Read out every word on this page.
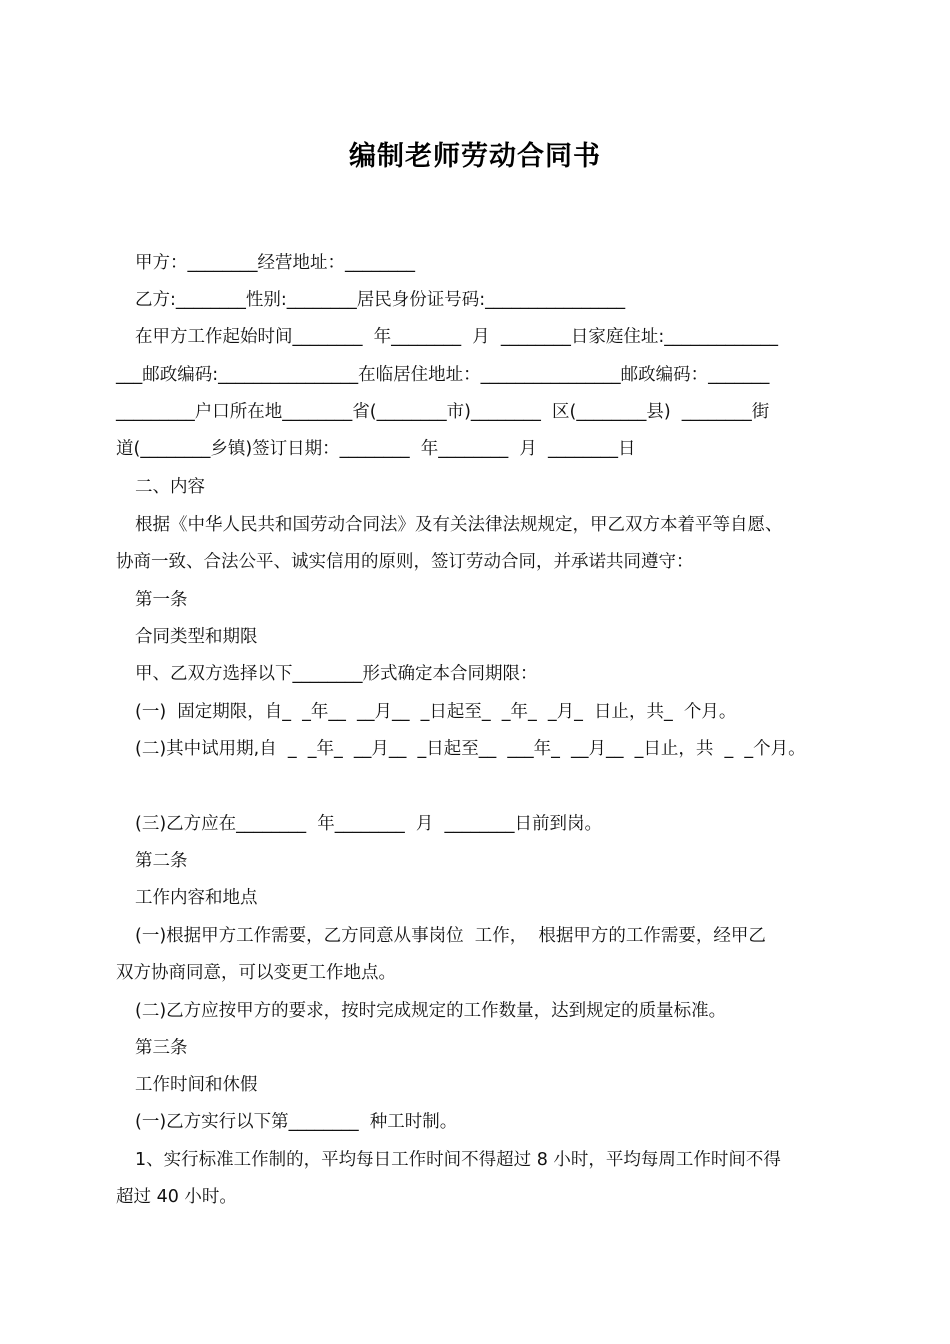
编制老师劳动合同书
甲方：________经营地址：________
乙方:________性别:________居民身份证号码:________________
在甲方工作起始时间________  年________  月  ________日家庭住址:_____________
___邮政编码:________________在临居住地址：________________邮政编码：_______
_________户口所在地________省(________市)________  区(________县)  ________街
道(________乡镇)签订日期：________  年________  月  ________日
二、内容
根据《中华人民共和国劳动合同法》及有关法律法规规定，甲乙双方本着平等自愿、
协商一致、合法公平、诚实信用的原则，签订劳动合同，并承诺共同遵守：
第一条
合同类型和期限
甲、乙双方选择以下________形式确定本合同期限：
(一)  固定期限，自_  _年__  __月__  _日起至_  _年_  _月_  日止，共_  个月。
(二)其中试用期,自  _  _年_  __月__  _日起至__  ___年_  __月__  _日止，共  _  _个月。
(三)乙方应在________  年________  月  ________日前到岗。
第二条
工作内容和地点
(一)根据甲方工作需要，乙方同意从事岗位  工作，  根据甲方的工作需要，经甲乙
双方协商同意，可以变更工作地点。
(二)乙方应按甲方的要求，按时完成规定的工作数量，达到规定的质量标准。
第三条
工作时间和休假
(一)乙方实行以下第________  种工时制。
1、实行标准工作制的，平均每日工作时间不得超过 8 小时，平均每周工作时间不得
超过 40 小时。
